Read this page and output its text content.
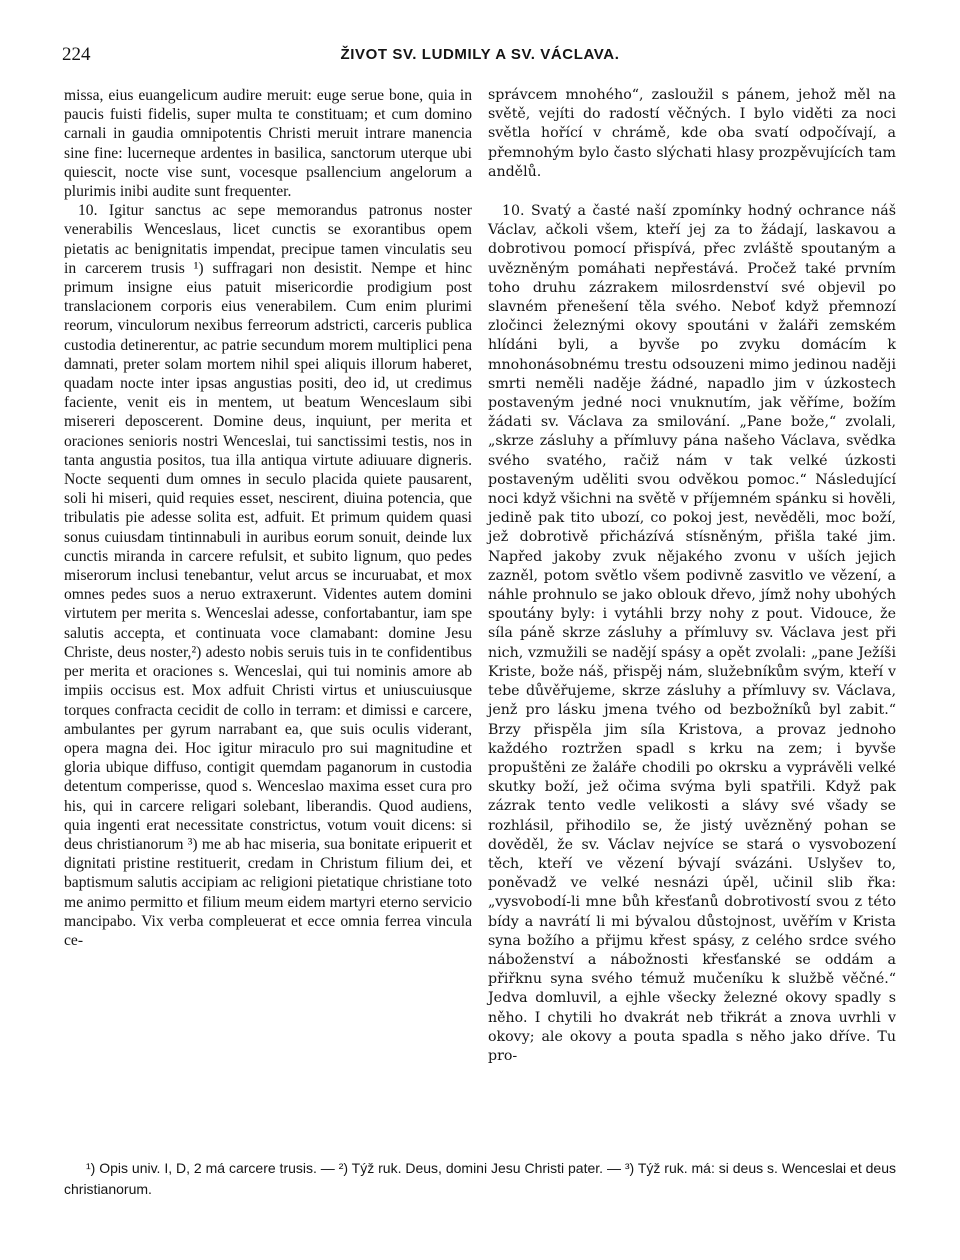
224	ŽIVOT SV. LUDMILY A SV. VÁCLAVA.

missa, eius euangelicum audire meruit: euge serue bone, quia in paucis fuisti fidelis, super multa te constituam; et cum domino carnali in gaudia omnipotentis Christi meruit intrare manencia sine fine: lucerneque ardentes in basilica, sanctorum uterque ubi quiescit, nocte vise sunt, vocesque psallencium angelorum a plurimis inibi audite sunt frequenter.

10. Igitur sanctus ac sepe memorandus patronus noster venerabilis Wenceslaus, licet cunctis se exorantibus opem pietatis ac benignitatis impendat, precipue tamen vinculatis seu in carcerem trusis ¹) suffragari non desistit. Nempe et hinc primum insigne eius patuit misericordie prodigium post translacionem corporis eius venerabilem. Cum enim plurimi reorum, vinculorum nexibus ferreorum adstricti, carceris publica custodia detinerentur, ac patrie secundum morem multiplici pena damnati, preter solam mortem nihil spei aliquis illorum haberet, quadam nocte inter ipsas angustias positi, deo id, ut credimus faciente, venit eis in mentem, ut beatum Wenceslaum sibi misereri deposcerent. Domine deus, inquiunt, per merita et oraciones senioris nostri Wenceslai, tui sanctissimi testis, nos in tanta angustia positos, tua illa antiqua virtute adiuuare digneris. Nocte sequenti dum omnes in seculo placida quiete pausarent, soli hi miseri, quid requies esset, nescirent, diuina potencia, que tribulatis pie adesse solita est, adfuit. Et primum quidem quasi sonus cuiusdam tintinnabuli in auribus eorum sonuit, deinde lux cunctis miranda in carcere refulsit, et subito lignum, quo pedes miserorum inclusi tenebantur, velut arcus se incuruabat, et mox omnes pedes suos a neruo extraxerunt. Videntes autem domini virtutem per merita s. Wenceslai adesse, confortabantur, iam spe salutis accepta, et continuata voce clamabant: domine Jesu Christe, deus noster,²) adesto nobis seruis tuis in te confidentibus per merita et oraciones s. Wenceslai, qui tui nominis amore ab impiis occisus est. Mox adfuit Christi virtus et uniuscuiusque torques confracta cecidit de collo in terram: et dimissi e carcere, ambulantes per gyrum narrabant ea, que suis oculis viderant, opera magna dei. Hoc igitur miraculo pro sui magnitudine et gloria ubique diffuso, contigit quemdam paganorum in custodia detentum comperisse, quod s. Wenceslao maxima esset cura pro his, qui in carcere religari solebant, liberandis. Quod audiens, quia ingenti erat necessitate constrictus, votum vouit dicens: si deus christianorum ³) me ab hac miseria, sua bonitate eripuerit et dignitati pristine restituerit, credam in Christum filium dei, et baptismum salutis accipiam ac religioni pietatique christiane toto me animo permitto et filium meum eidem martyri eterno servicio mancipabo. Vix verba compleuerat et ecce omnia ferrea vincula ce-

správcem mnohého“, zasloužil s pánem, jehož měl na světě, vejíti do radostí věčných. I bylo viděti za noci světla hořící v chrámě, kde oba svatí odpočívají, a přemnohým bylo často slýchati hlasy prozpěvujících tam andělů.

10. Svatý a časté naší zpomínky hodný ochrance náš Václav, ačkoli všem, kteří jej za to žádají, laskavou a dobrotivou pomocí přispívá, přec zvláště spoutaným a uvězněným pomáhati nepřestává. Pročež také prvním toho druhu zázrakem milosrdenství své objevil po slavném přenešení těla svého. Neboť když přemnozí zločinci železnými okovy spoutáni v žaláři zemském hlídáni byli, a byvše po zvyku domácím k mnohonásobnému trestu odsouzeni mimo jedinou naději smrti neměli naděje žádné, napadlo jim v úzkostech postaveným jedné noci vnuknutím, jak věříme, božím žádati sv. Václava za smilování. „Pane bože,“ zvolali, „skrze zásluhy a přímluvy pána našeho Václava, svědka svého svatého, račiž nám v tak velké úzkosti postaveným uděliti svou odvěkou pomoc.“ Následující noci když všichni na světě v příjemném spánku si hověli, jedině pak tito ubozí, co pokoj jest, nevěděli, moc boží, jež dobrotivě přicházívá stísněným, přišla také jim. Napřed jakoby zvuk nějakého zvonu v uších jejich zazněl, potom světlo všem podivně zasvitlo ve vězení, a náhle prohnulo se jako oblouk dřevo, jímž nohy ubohých spoutány byly: i vytáhli brzy nohy z pout. Vidouce, že síla páně skrze zásluhy a přímluvy sv. Václava jest při nich, vzmužili se nadějí spásy a opět zvolali: „pane Ježíši Kriste, bože náš, přispěj nám, služebníkům svým, kteří v tebe důvěřujeme, skrze zásluhy a přímluvy sv. Václava, jenž pro lásku jmena tvého od bezbožníků byl zabit.“ Brzy přispěla jim síla Kristova, a provaz jednoho každého roztržen spadl s krku na zem; i byvše propuštěni ze žaláře chodili po okrsku a vyprávěli velké skutky boží, jež očima svýma byli spatřili. Když pak zázrak tento vedle velikosti a slávy své všady se rozhlásil, přihodilo se, že jistý uvězněný pohan se dověděl, že sv. Václav nejvíce se stará o vysvobození těch, kteří ve vězení bývají svázáni. Uslyšev to, poněvadž ve velké nesnázi úpěl, učinil slib řka: „vysvobodí-li mne bůh křesťanů dobrotivostí svou z této bídy a navrátí li mi bývalou důstojnost, uvěřím v Krista syna božího a přijmu křest spásy, z celého srdce svého náboženství a nábožnosti křesťanské se oddám a přiřknu syna svého témuž mučeníku k službě věčné.“ Jedva domluvil, a ejhle všecky železné okovy spadly s něho. I chytili ho dvakrát neb třikrát a znova uvrhli v okovy; ale okovy a pouta spadla s něho jako dříve. Tu pro-

¹) Opis univ. I, D, 2 má carcere trusis. — ²) Týž ruk. Deus, domini Jesu Christi pater. — ³) Týž ruk. má: si deus s. Wenceslai et deus christianorum.
